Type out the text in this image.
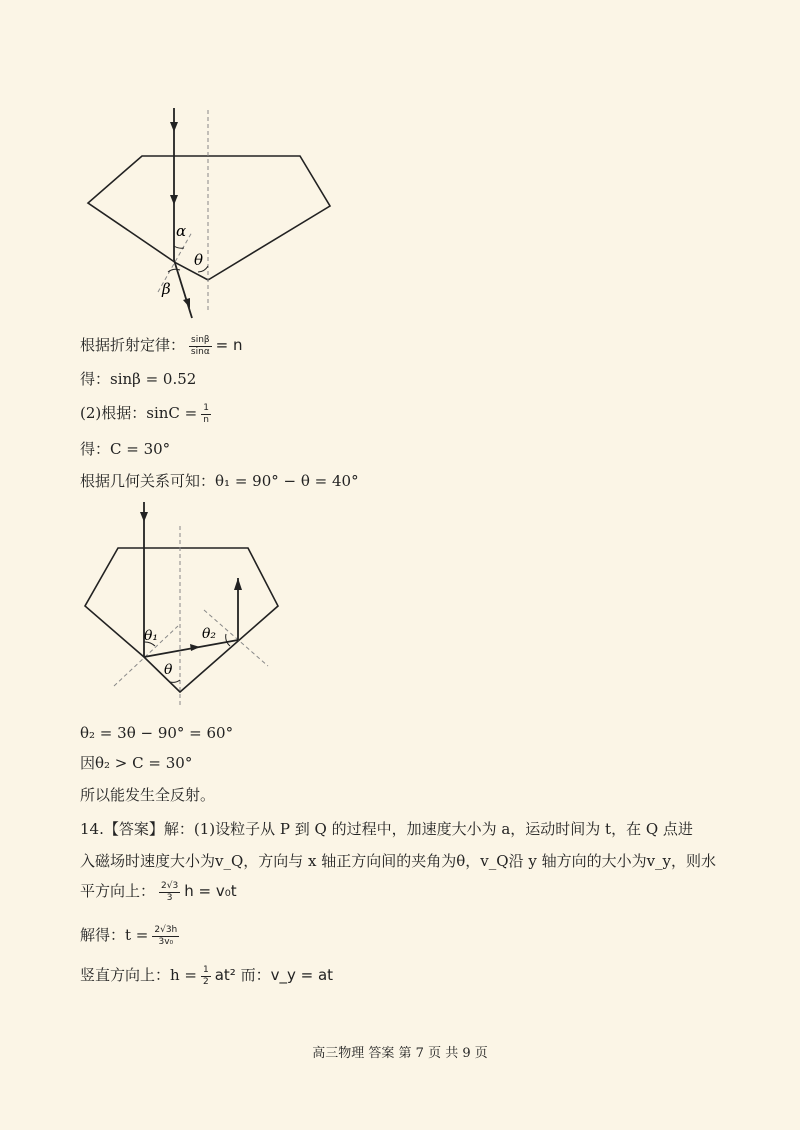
α
β
θ
根据折射定律： $\frac{\sin\beta}{\sin\alpha} = n$
得：sinβ = 0.52
(2)根据：$\sin C = \frac{1}{n}$
得：C = 30°
根据几何关系可知：θ₁ = 90° − θ = 40°
θ₁	θ₂
θ
θ₂ = 3θ − 90° = 60°
因θ₂ > C = 30°
所以能发生全反射。
14.【答案】解：(1)设粒子从 P 到 Q 的过程中，加速度大小为 a，运动时间为 t，在 Q 点进
入磁场时速度大小为v_Q，方向与 x 轴正方向间的夹角为θ，v_Q沿 y 轴方向的大小为v_y，则水
平方向上： $\frac{2√3}{3}$ h = v₀t
解得：$t = \frac{2√3h}{\text{3v₀}}$
竖直方向上：$h = \frac{1}{2} at^2$ 而：v_y = at
高三物理 答案 第 7 页 共 9 页
